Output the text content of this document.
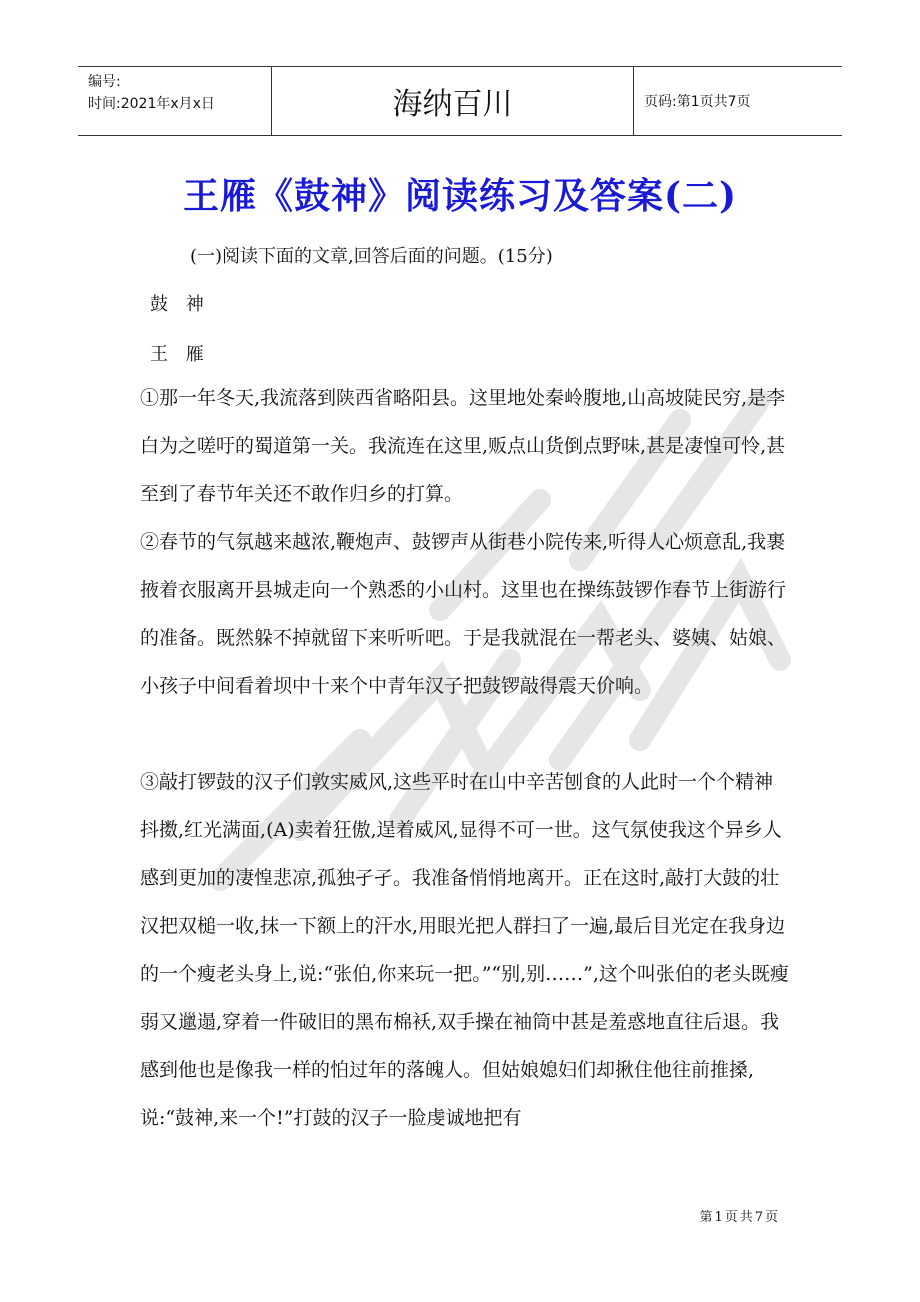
编号:
时间:2021年x月x日	海纳百川	页码:第1页共7页
王雁《鼓神》阅读练习及答案(二)
(一)阅读下面的文章,回答后面的问题。(15分)
鼓 神
王 雁
①那一年冬天,我流落到陕西省略阳县。这里地处秦岭腹地,山高坡陡民穷,是李白为之嗟吁的蜀道第一关。我流连在这里,贩点山货倒点野味,甚是凄惶可怜,甚至到了春节年关还不敢作归乡的打算。
②春节的气氛越来越浓,鞭炮声、鼓锣声从街巷小院传来,听得人心烦意乱,我裹掖着衣服离开县城走向一个熟悉的小山村。这里也在操练鼓锣作春节上街游行的准备。既然躲不掉就留下来听听吧。于是我就混在一帮老头、婆姨、姑娘、小孩子中间看着坝中十来个中青年汉子把鼓锣敲得震天价响。
③敲打锣鼓的汉子们敦实威风,这些平时在山中辛苦刨食的人此时一个个精神抖擞,红光满面,(A)卖着狂傲,逞着威风,显得不可一世。这气氛使我这个异乡人感到更加的凄惶悲凉,孤独孑孑。我准备悄悄地离开。正在这时,敲打大鼓的壮汉把双槌一收,抹一下额上的汗水,用眼光把人群扫了一遍,最后目光定在我身边的一个瘦老头身上,说:“张伯,你来玩一把。”“别,别……”,这个叫张伯的老头既瘦弱又邋遢,穿着一件破旧的黑布棉袄,双手操在袖筒中甚是羞惑地直往后退。我感到他也是像我一样的怕过年的落魄人。但姑娘媳妇们却揪住他往前推搡,说:“鼓神,来一个!”打鼓的汉子一脸虔诚地把有
第1页共7页
